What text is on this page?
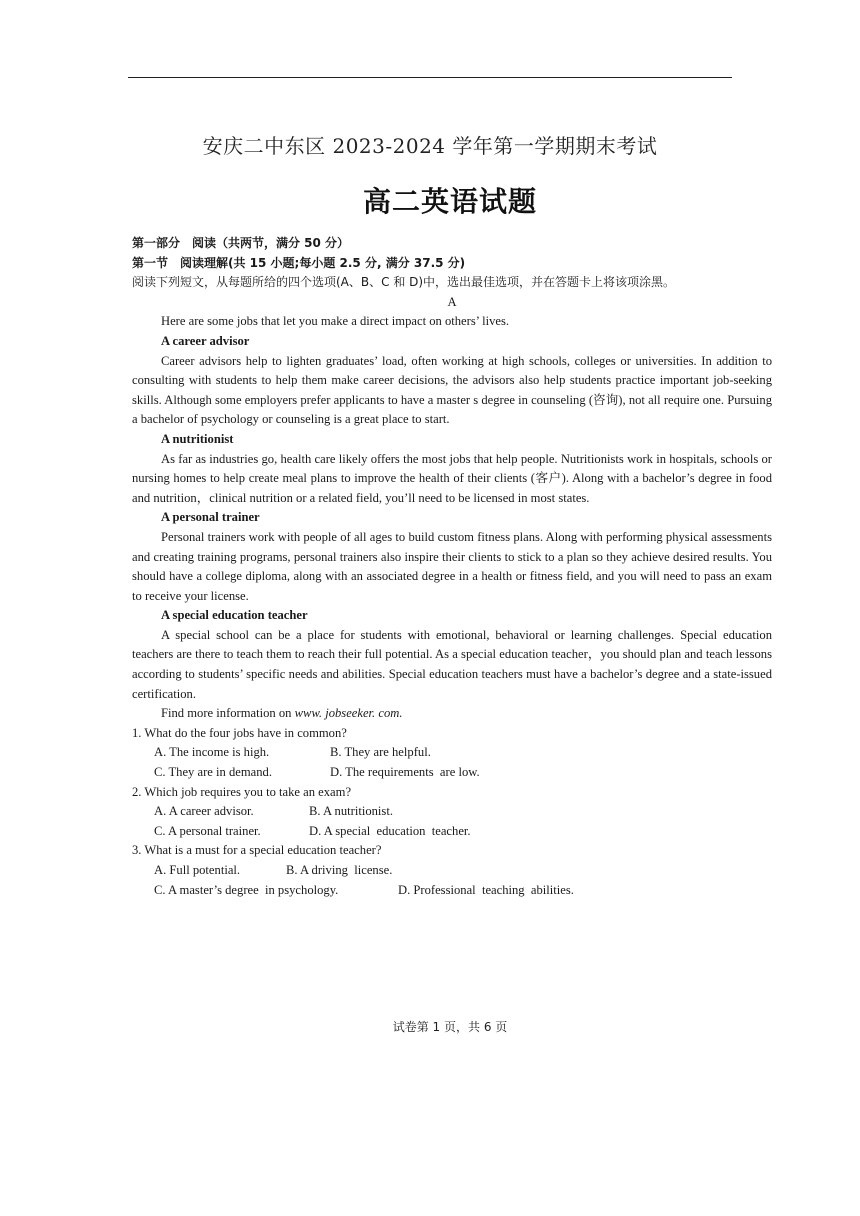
安庆二中东区 2023-2024 学年第一学期期末考试
高二英语试题

第一部分　阅读（共两节，满分 50 分）

第一节　阅读理解(共 15 小题;每小题 2.5 分, 满分 37.5 分)

阅读下列短文，从每题所给的四个选项(A、B、C 和 D)中，选出最佳选项，并在答题卡上将该项涂黑。

A

Here are some jobs that let you make a direct impact on others’ lives.

A career advisor

Career advisors help to lighten graduates’ load, often working at high schools, colleges or universities. In addition to consulting with students to help them make career decisions, the advisors also help students practice important job-seeking skills. Although some employers prefer applicants to have a master s degree in counseling (咨询), not all require one. Pursuing a bachelor of psychology or counseling is a great place to start.

A nutritionist

As far as industries go, health care likely offers the most jobs that help people. Nutritionists work in hospitals, schools or nursing homes to help create meal plans to improve the health of their clients (客户). Along with a bachelor’s degree in food and nutrition，clinical nutrition or a related field, you’ll need to be licensed in most states.

A personal trainer

Personal trainers work with people of all ages to build custom fitness plans. Along with performing physical assessments and creating training programs, personal trainers also inspire their clients to stick to a plan so they achieve desired results. You should have a college diploma, along with an associated degree in a health or fitness field, and you will need to pass an exam to receive your license.

A special education teacher

A special school can be a place for students with emotional, behavioral or learning challenges. Special education teachers are there to teach them to reach their full potential. As a special education teacher，you should plan and teach lessons according to students’ specific needs and abilities. Special education teachers must have a bachelor’s degree and a state-issued certification.

Find more information on www. jobseeker. com.

1. What do the four jobs have in common?

A. The income is high.	B. They are helpful.

C. They are in demand.	D. The requirements  are low.

2. Which job requires you to take an exam?

A. A career advisor.	B. A nutritionist.

C. A personal trainer.	D. A special  education  teacher.

3. What is a must for a special education teacher?

A. Full potential.	B. A driving  license.

C. A master’s degree  in psychology.	D. Professional  teaching  abilities.

试卷第 1 页，共 6 页
